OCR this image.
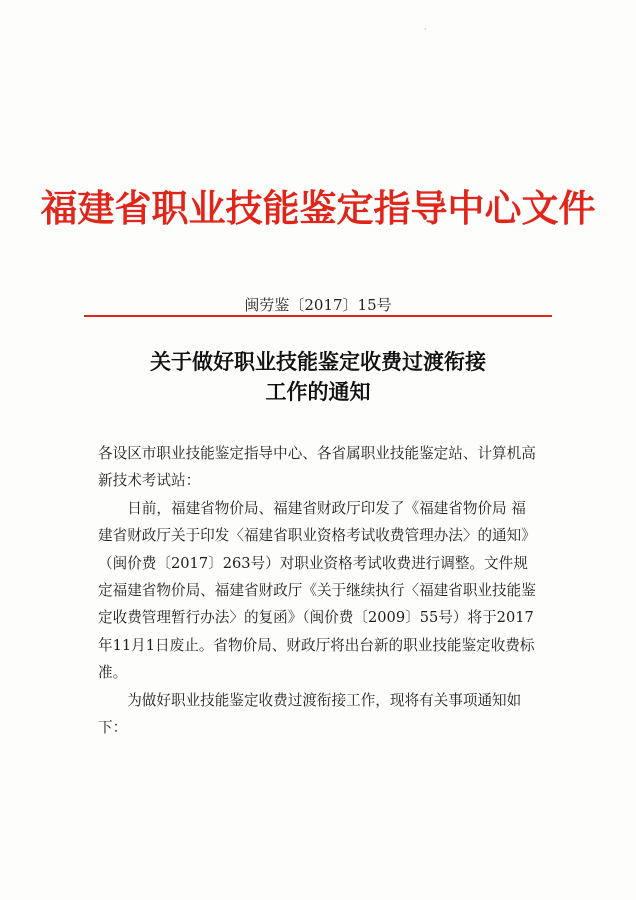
·
福建省职业技能鉴定指导中心文件
闽劳鉴〔2017〕15号
关于做好职业技能鉴定收费过渡衔接
工作的通知

各设区市职业技能鉴定指导中心、各省属职业技能鉴定站、计算机高新技术考试站：

日前，福建省物价局、福建省财政厅印发了《福建省物价局 福建省财政厅关于印发〈福建省职业资格考试收费管理办法〉的通知》（闽价费〔2017〕263号）对职业资格考试收费进行调整。文件规定福建省物价局、福建省财政厅《关于继续执行〈福建省职业技能鉴定收费管理暂行办法〉的复函》（闽价费〔2009〕55号）将于2017年11月1日废止。省物价局、财政厅将出台新的职业技能鉴定收费标准。

为做好职业技能鉴定收费过渡衔接工作，现将有关事项通知如下：
